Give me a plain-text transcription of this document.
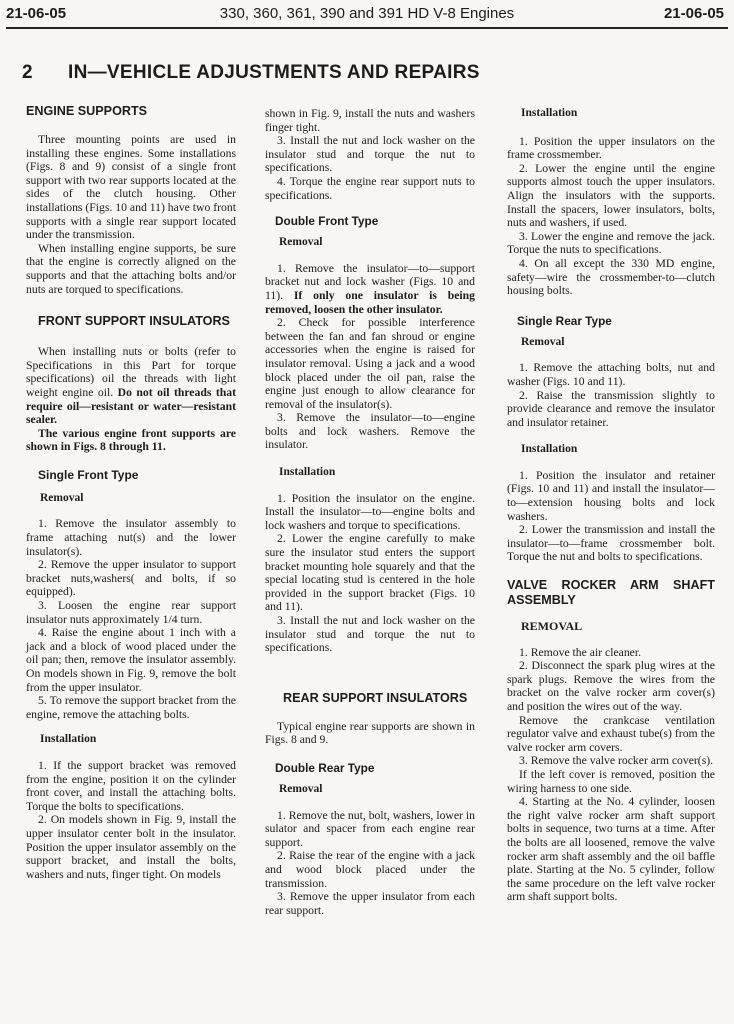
21-06-05	330, 360, 361, 390 and 391 HD V-8 Engines	21-06-05
2 IN—VEHICLE ADJUSTMENTS AND REPAIRS
ENGINE SUPPORTS

Three mounting points are used in installing these engines. Some installations (Figs. 8 and 9) consist of a single front support with two rear supports located at the sides of the clutch housing. Other installations (Figs. 10 and 11) have two front supports with a single rear support located under the transmission.

When installing engine supports, be sure that the engine is correctly aligned on the supports and that the attaching bolts and/or nuts are torqued to specifications.

FRONT SUPPORT INSULATORS

When installing nuts or bolts (refer to Specifications in this Part for torque specifications) oil the threads with light weight engine oil. Do not oil threads that require oil—resistant or water—resistant sealer.

The various engine front supports are shown in Figs. 8 through 11.

Single Front Type
Removal

1. Remove the insulator assembly to frame attaching nut(s) and the lower insulator(s).

2. Remove the upper insulator to support bracket nuts,washers( and bolts, if so equipped).

3. Loosen the engine rear support insulator nuts approximately 1/4 turn.

4. Raise the engine about 1 inch with a jack and a block of wood placed under the oil pan; then, remove the insulator assembly. On models shown in Fig. 9, remove the bolt from the upper insulator.

5. To remove the support bracket from the engine, remove the attaching bolts.

Installation

1. If the support bracket was removed from the engine, position it on the cylinder front cover, and install the attaching bolts. Torque the bolts to specifications.

2. On models shown in Fig. 9, install the upper insulator center bolt in the insulator. Position the upper insulator assembly on the support bracket, and install the bolts, washers and nuts, finger tight. On models

shown in Fig. 9, install the nuts and washers finger tight.

3. Install the nut and lock washer on the insulator stud and torque the nut to specifications.

4. Torque the engine rear support nuts to specifications.

Double Front Type
Removal

1. Remove the insulator—to—support bracket nut and lock washer (Figs. 10 and 11). If only one insulator is being removed, loosen the other insulator.

2. Check for possible interference between the fan and fan shroud or engine accessories when the engine is raised for insulator removal. Using a jack and a wood block placed under the oil pan, raise the engine just enough to allow clearance for removal of the insulator(s).

3. Remove the insulator—to—engine bolts and lock washers. Remove the insulator.

Installation

1. Position the insulator on the engine. Install the insulator—to—engine bolts and lock washers and torque to specifications.

2. Lower the engine carefully to make sure the insulator stud enters the support bracket mounting hole squarely and that the special locating stud is centered in the hole provided in the support bracket (Figs. 10 and 11).

3. Install the nut and lock washer on the insulator stud and torque the nut to specifications.

REAR SUPPORT INSULATORS

Typical engine rear supports are shown in Figs. 8 and 9.

Double Rear Type
Removal

1. Remove the nut, bolt, washers, lower in sulator and spacer from each engine rear support.

2. Raise the rear of the engine with a jack and wood block placed under the transmission.

3. Remove the upper insulator from each rear support.

Installation

1. Position the upper insulators on the frame crossmember.

2. Lower the engine until the engine supports almost touch the upper insulators. Align the insulators with the supports. Install the spacers, lower insulators, bolts, nuts and washers, if used.

3. Lower the engine and remove the jack. Torque the nuts to specifications.

4. On all except the 330 MD engine, safety—wire the crossmember-to—clutch housing bolts.

Single Rear Type
Removal

1. Remove the attaching bolts, nut and washer (Figs. 10 and 11).

2. Raise the transmission slightly to provide clearance and remove the insulator and insulator retainer.

Installation

1. Position the insulator and retainer (Figs. 10 and 11) and install the insulator—to—extension housing bolts and lock washers.

2. Lower the transmission and install the insulator—to—frame crossmember bolt. Torque the nut and bolts to specifications.

VALVE ROCKER ARM SHAFT ASSEMBLY
REMOVAL

1. Remove the air cleaner.

2. Disconnect the spark plug wires at the spark plugs. Remove the wires from the bracket on the valve rocker arm cover(s) and position the wires out of the way.

Remove the crankcase ventilation regulator valve and exhaust tube(s) from the valve rocker arm covers.

3. Remove the valve rocker arm cover(s).

If the left cover is removed, position the wiring harness to one side.

4. Starting at the No. 4 cylinder, loosen the right valve rocker arm shaft support bolts in sequence, two turns at a time. After the bolts are all loosened, remove the valve rocker arm shaft assembly and the oil baffle plate. Starting at the No. 5 cylinder, follow the same procedure on the left valve rocker arm shaft support bolts.
